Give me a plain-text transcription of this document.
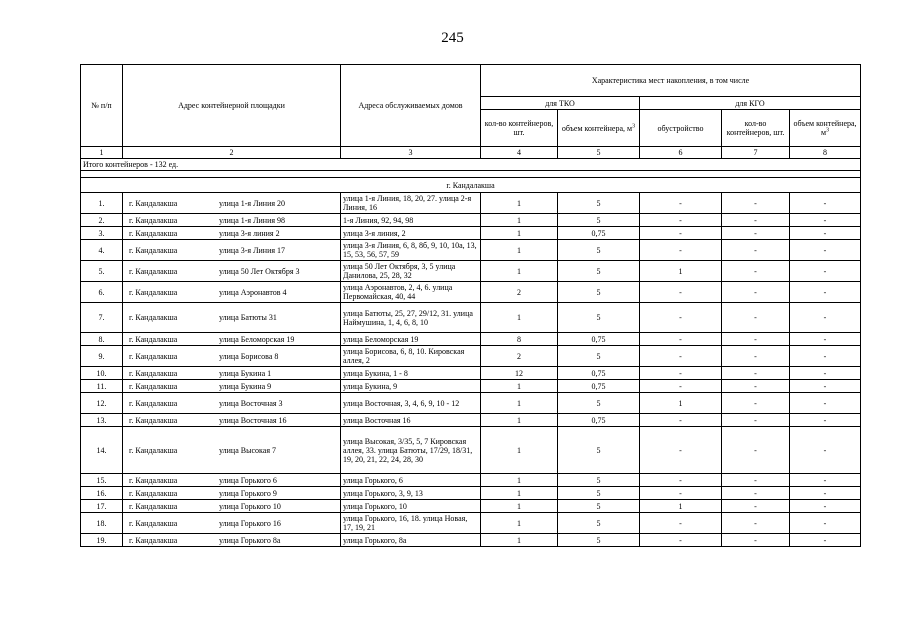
245
№ п/п	Адрес контейнерной площадки	Адреса обслуживаемых домов	Характеристика мест накопления, в том числе				
			для ТКО		для КГО		
			кол-во контейнеров, шт.	объем контейнера, $м^3$	обустройство	кол-во контейнеров, шт.	объем контейнера, $м^3$
1	2	3	4	5	6	7	8
Итого контейнеров - 132 ед.							

г. Кандалакша							
1.	г. Кандалакша улица 1-я Линия 20	улица 1-я Линия, 18, 20, 27. улица 2-я Линия, 16	1	5	-	-	-
2.	г. Кандалакша улица 1-я Линия 98	1-я Линия, 92, 94, 98	1	5	-	-	-
3.	г. Кандалакша улица 3-я линия 2	улица 3-я линия, 2	1	0,75	-	-	-
4.	г. Кандалакша улица 3-я Линия 17	улица 3-я Линия, 6, 8, 8б, 9, 10, 10а, 13, 15, 53, 56, 57, 59	1	5	-	-	-
5.	г. Кандалакша улица 50 Лет Октября 3	улица 50 Лет Октября, 3, 5 улица Данилова, 25, 28, 32	1	5	1	-	-
6.	г. Кандалакша улица Аэронавтов 4	улица Аэронавтов, 2, 4, 6. улица Первомайская, 40, 44	2	5	-	-	-
7.	г. Кандалакша улица Батюты 31	улица Батюты, 25, 27, 29/12, 31. улица Наймушина, 1, 4, 6, 8, 10	1	5	-	-	-
8.	г. Кандалакша улица Беломорская 19	улица Беломорская 19	8	0,75	-	-	-
9.	г. Кандалакша улица Борисова 8	улица Борисова, 6, 8, 10. Кировская аллея, 2	2	5	-	-	-
10.	г. Кандалакша улица Букина 1	улица Букина, 1 - 8	12	0,75	-	-	-
11.	г. Кандалакша улица Букина 9	улица Букина, 9	1	0,75	-	-	-
12.	г. Кандалакша улица Восточная 3	улица Восточная, 3, 4, 6, 9, 10 - 12	1	5	1	-	-
13.	г. Кандалакша улица Восточная 16	улица Восточная 16	1	0,75	-	-	-
14.	г. Кандалакша улица Высокая 7	улица Высокая, 3/35, 5, 7 Кировская аллея, 33. улица Батюты, 17/29, 18/31, 19, 20, 21, 22, 24, 28, 30	1	5	-	-	-
15.	г. Кандалакша улица Горького 6	улица Горького, 6	1	5	-	-	-
16.	г. Кандалакша улица Горького 9	улица Горького, 3, 9, 13	1	5	-	-	-
17.	г. Кандалакша улица Горького 10	улица Горького, 10	1	5	1	-	-
18.	г. Кандалакша улица Горького 16	улица Горького, 16, 18. улица Новая, 17, 19, 21	1	5	-	-	-
19.	г. Кандалакша улица Горького 8а	улица Горького, 8а	1	5	-	-	-
